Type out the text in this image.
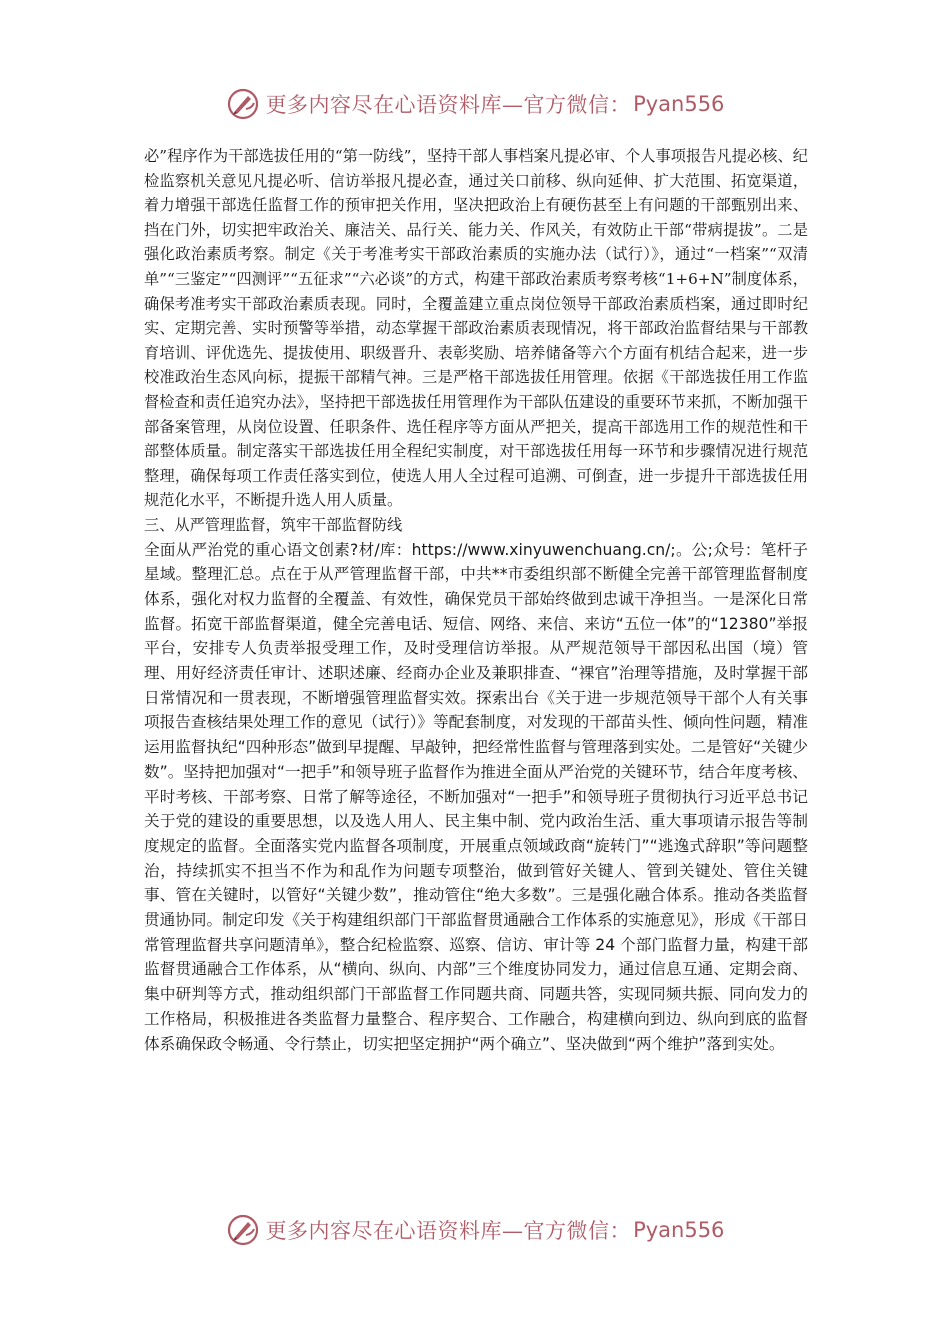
更多内容尽在心语资料库—官方微信： Pyan556

必”程序作为干部选拔任用的“第一防线”，坚持干部人事档案凡提必审、个人事项报告凡提必核、纪检监察机关意见凡提必听、信访举报凡提必查，通过关口前移、纵向延伸、扩大范围、拓宽渠道，着力增强干部选任监督工作的预审把关作用，坚决把政治上有硬伤甚至上有问题的干部甄别出来、挡在门外，切实把牢政治关、廉洁关、品行关、能力关、作风关，有效防止干部“带病提拔”。二是强化政治素质考察。制定《关于考准考实干部政治素质的实施办法（试行）》，通过“一档案”“双清单”“三鉴定”“四测评”“五征求”“六必谈”的方式，构建干部政治素质考察考核“1+6+N”制度体系，确保考准考实干部政治素质表现。同时，全覆盖建立重点岗位领导干部政治素质档案，通过即时纪实、定期完善、实时预警等举措，动态掌握干部政治素质表现情况，将干部政治监督结果与干部教育培训、评优选先、提拔使用、职级晋升、表彰奖励、培养储备等六个方面有机结合起来，进一步校准政治生态风向标，提振干部精气神。三是严格干部选拔任用管理。依据《干部选拔任用工作监督检查和责任追究办法》，坚持把干部选拔任用管理作为干部队伍建设的重要环节来抓，不断加强干部备案管理，从岗位设置、任职条件、选任程序等方面从严把关，提高干部选用工作的规范性和干部整体质量。制定落实干部选拔任用全程纪实制度，对干部选拔任用每一环节和步骤情况进行规范整理，确保每项工作责任落实到位，使选人用人全过程可追溯、可倒查，进一步提升干部选拔任用规范化水平，不断提升选人用人质量。

三、从严管理监督，筑牢干部监督防线

全面从严治党的重心语文创素?材/库：https://www.xinyuwenchuang.cn/;。公;众号：笔杆子星域。整理汇总。点在于从严管理监督干部，中共**市委组织部不断健全完善干部管理监督制度体系，强化对权力监督的全覆盖、有效性，确保党员干部始终做到忠诚干净担当。一是深化日常监督。拓宽干部监督渠道，健全完善电话、短信、网络、来信、来访“五位一体”的“12380”举报平台，安排专人负责举报受理工作，及时受理信访举报。从严规范领导干部因私出国（境）管理、用好经济责任审计、述职述廉、经商办企业及兼职排查、“裸官”治理等措施，及时掌握干部日常情况和一贯表现，不断增强管理监督实效。探索出台《关于进一步规范领导干部个人有关事项报告查核结果处理工作的意见（试行）》等配套制度，对发现的干部苗头性、倾向性问题，精准运用监督执纪“四种形态”做到早提醒、早敲钟，把经常性监督与管理落到实处。二是管好“关键少数”。坚持把加强对“一把手”和领导班子监督作为推进全面从严治党的关键环节，结合年度考核、平时考核、干部考察、日常了解等途径，不断加强对“一把手”和领导班子贯彻执行习近平总书记关于党的建设的重要思想，以及选人用人、民主集中制、党内政治生活、重大事项请示报告等制度规定的监督。全面落实党内监督各项制度，开展重点领域政商“旋转门”“逃逸式辞职”等问题整治，持续抓实不担当不作为和乱作为问题专项整治，做到管好关键人、管到关键处、管住关键事、管在关键时，以管好“关键少数”，推动管住“绝大多数”。三是强化融合体系。推动各类监督贯通协同。制定印发《关于构建组织部门干部监督贯通融合工作体系的实施意见》，形成《干部日常管理监督共享问题清单》，整合纪检监察、巡察、信访、审计等 24 个部门监督力量，构建干部监督贯通融合工作体系，从“横向、纵向、内部”三个维度协同发力，通过信息互通、定期会商、集中研判等方式，推动组织部门干部监督工作同题共商、同题共答，实现同频共振、同向发力的工作格局，积极推进各类监督力量整合、程序契合、工作融合，构建横向到边、纵向到底的监督体系确保政令畅通、令行禁止，切实把坚定拥护“两个确立”、坚决做到“两个维护”落到实处。

更多内容尽在心语资料库—官方微信： Pyan556
